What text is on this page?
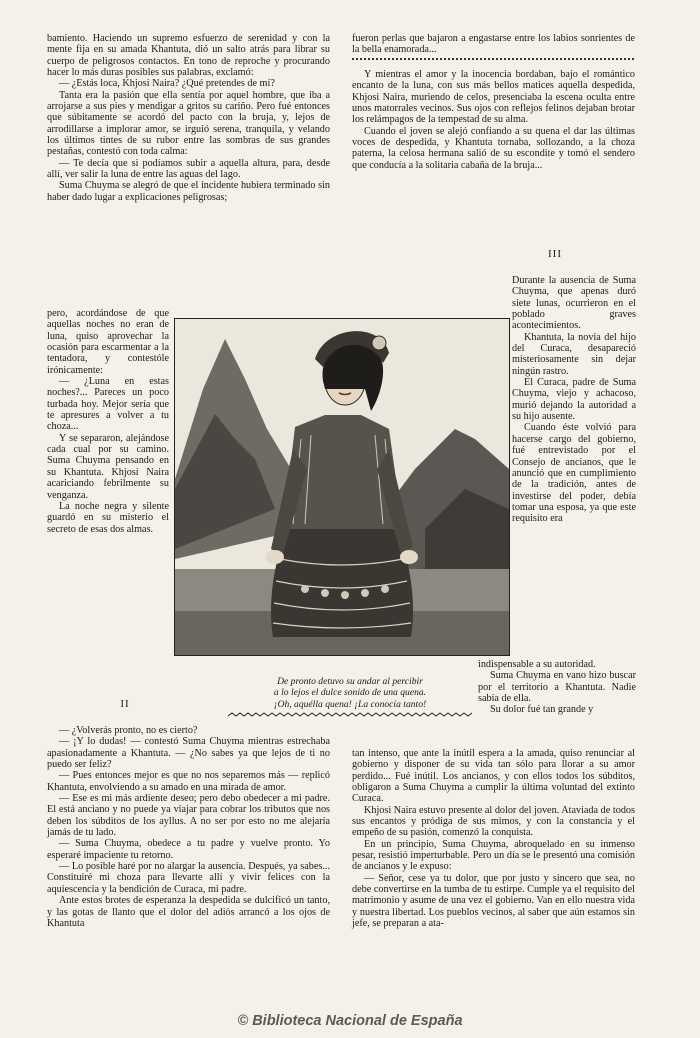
bamiento. Haciendo un supremo esfuerzo de serenidad y con la mente fija en su amada Khantuta, dió un salto atrás para librar su cuerpo de peligrosos contactos. En tono de reproche y procurando hacer lo más duras posibles sus palabras, exclamó:

— ¿Estás loca, Khjosi Naira? ¿Qué pretendes de mí?

Tanta era la pasión que ella sentía por aquel hombre, que iba a arrojarse a sus pies y mendigar a gritos su cariño. Pero fué entonces que súbitamente se acordó del pacto con la bruja, y, lejos de arrodillarse a implorar amor, se irguió serena, tranquila, y velando los últimos tintes de su rubor entre las sombras de sus grandes pestañas, contestó con toda calma:

— Te decía que si podíamos subir a aquella altura, para, desde allí, ver salir la luna de entre las aguas del lago.

Suma Chuyma se alegró de que el incidente hubiera terminado sin haber dado lugar a explicaciones peligrosas;

pero, acordándose de que aquellas noches no eran de luna, quiso aprovechar la ocasión para escarmentar a la tentadora, y contestóle irónicamente:

— ¿Luna en estas noches?... Pareces un poco turbada hoy. Mejor sería que te apresures a volver a tu choza...

Y se separaron, alejándose cada cual por su camino. Suma Chuyma pensando en su Khantuta. Khjosi Naira acariciando febrilmente su venganza.

La noche negra y silente guardó en su misterio el secreto de esas dos almas.

II

— ¿Volverás pronto, no es cierto?

— ¡Y lo dudas! — contestó Suma Chuyma mientras estrechaba apasionadamente a Khantuta. — ¿No sabes ya que lejos de ti no puedo ser feliz?

— Pues entonces mejor es que no nos separemos más — replicó Khantuta, envolviendo a su amado en una mirada de amor.

— Ese es mi más ardiente deseo; pero debo obedecer a mi padre. El está anciano y no puede ya viajar para cobrar los tributos que nos deben los súbditos de los ayllus. A no ser por esto no me alejaría jamás de tu lado.

— Suma Chuyma, obedece a tu padre y vuelve pronto. Yo esperaré impaciente tu retorno.

— Lo posible haré por no alargar la ausencia. Después, ya sabes... Constituiré mi choza para llevarte allí y vivir felices con la aquiescencia y la bendición de Curaca, mi padre.

Ante estos brotes de esperanza la despedida se dulcificó un tanto, y las gotas de llanto que el dolor del adiós arrancó a los ojos de Khantuta

fueron perlas que bajaron a engastarse entre los labios sonrientes de la bella enamorada...

Y mientras el amor y la inocencia bordaban, bajo el romántico encanto de la luna, con sus más bellos matices aquella despedida, Khjosi Naira, muriendo de celos, presenciaba la escena oculta entre unos matorrales vecinos. Sus ojos con reflejos felinos dejaban brotar los relámpagos de la tempestad de su alma.

Cuando el joven se alejó confiando a su quena el dar las últimas voces de despedida, y Khantuta tornaba, sollozando, a la choza paterna, la celosa hermana salió de su escondite y tomó el sendero que conducía a la solitaria cabaña de la bruja...

III

Durante la ausencia de Suma Chuyma, que apenas duró siete lunas, ocurrieron en el poblado graves acontecimientos.

Khantuta, la novia del hijo del Curaca, desapareció misteriosamente sin dejar ningún rastro.

El Curaca, padre de Suma Chuyma, viejo y achacoso, murió dejando la autoridad a su hijo ausente.

Cuando éste volvió para hacerse cargo del gobierno, fué entrevistado por el Consejo de ancianos, que le anunció que en cumplimiento de la tradición, antes de investirse del poder, debía tomar una esposa, ya que este requisito era

indispensable a su autoridad.

Suma Chuyma en vano hizo buscar por el territorio a Khantuta. Nadie sabía de ella.

Su dolor fué tan grande y

tan intenso, que ante la inútil espera a la amada, quiso renunciar al gobierno y disponer de su vida tan sólo para llorar a su amor perdido... Fué inútil. Los ancianos, y con ellos todos los súbditos, obligaron a Suma Chuyma a cumplir la última voluntad del extinto Curaca.

Khjosi Naira estuvo presente al dolor del joven. Ataviada de todos sus encantos y pródiga de sus mimos, y con la constancia y el empeño de su pasión, comenzó la conquista.

En un principio, Suma Chuyma, abroquelado en su inmenso pesar, resistió imperturbable. Pero un día se le presentó una comisión de ancianos y le expuso:

— Señor, cese ya tu dolor, que por justo y sincero que sea, no debe convertirse en la tumba de tu estirpe. Cumple ya el requisito del matrimonio y asume de una vez el gobierno. Van en ello nuestra vida y nuestra libertad. Los pueblos vecinos, al saber que aún estamos sin jefe, se preparan a ata-

De pronto detuvo su andar al percibir
a lo lejos el dulce sonido de una quena.
¡Oh, aquélla quena! ¡La conocía tanto!
© Biblioteca Nacional de España
